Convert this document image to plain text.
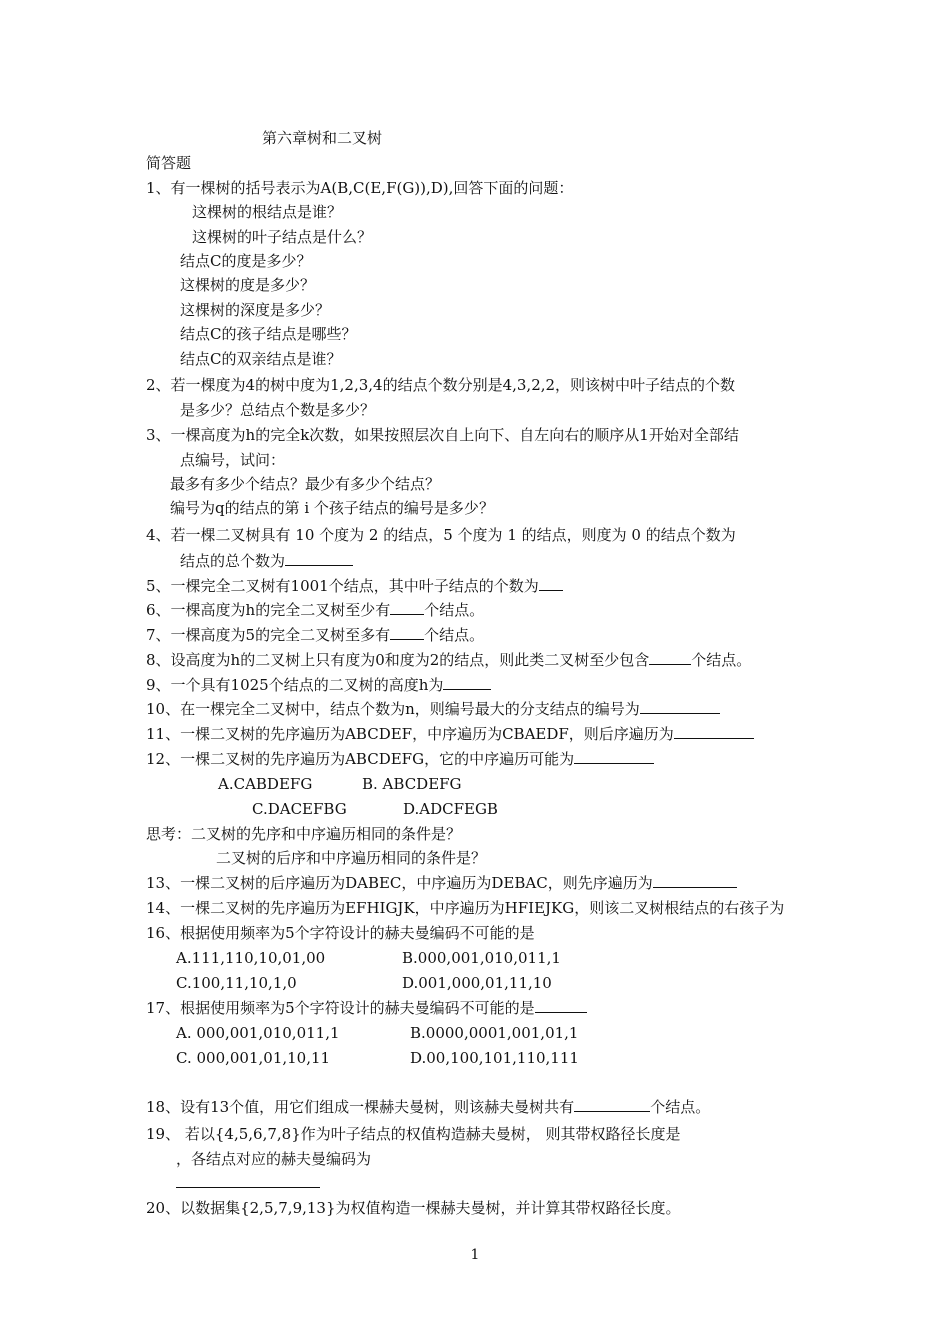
第六章树和二叉树
简答题
1、有一棵树的括号表示为A(B,C(E,F(G)),D),回答下面的问题：
这棵树的根结点是谁？
这棵树的叶子结点是什么？
结点C的度是多少？
这棵树的度是多少？
这棵树的深度是多少？
结点C的孩子结点是哪些？
结点C的双亲结点是谁？
2、若一棵度为4的树中度为1,2,3,4的结点个数分别是4,3,2,2，则该树中叶子结点的个数
是多少？总结点个数是多少？
3、一棵高度为h的完全k次数，如果按照层次自上向下、自左向右的顺序从1开始对全部结
点编号，试问：
最多有多少个结点？最少有多少个结点？
编号为q的结点的第 i 个孩子结点的编号是多少？
4、若一棵二叉树具有 10 个度为 2 的结点，5 个度为 1 的结点，则度为 0 的结点个数为
结点的总个数为
5、一棵完全二叉树有1001个结点，其中叶子结点的个数为
6、一棵高度为h的完全二叉树至少有 个结点。
7、一棵高度为5的完全二叉树至多有 个结点。
8、设高度为h的二叉树上只有度为0和度为2的结点，则此类二叉树至少包含	个结点。
9、一个具有1025个结点的二叉树的高度h为
10、在一棵完全二叉树中，结点个数为n，则编号最大的分支结点的编号为
11、一棵二叉树的先序遍历为ABCDEF，中序遍历为CBAEDF，则后序遍历为
12、一棵二叉树的先序遍历为ABCDEFG，它的中序遍历可能为
A.CABDEFG	B. ABCDEFG
C.DACEFBG	D.ADCFEGB
思考：二叉树的先序和中序遍历相同的条件是？
二叉树的后序和中序遍历相同的条件是？
13、一棵二叉树的后序遍历为DABEC，中序遍历为DEBAC，则先序遍历为
14、一棵二叉树的先序遍历为EFHIGJK，中序遍历为HFIEJKG，则该二叉树根结点的右孩子为
16、根据使用频率为5个字符设计的赫夫曼编码不可能的是
A.111,110,10,01,00	B.000,001,010,011,1
C.100,11,10,1,0	D.001,000,01,11,10
17、根据使用频率为5个字符设计的赫夫曼编码不可能的是
A. 000,001,010,011,1	B.0000,0001,001,01,1
C. 000,001,01,10,11	D.00,100,101,110,111
18、设有13个值，用它们组成一棵赫夫曼树，则该赫夫曼树共有	个结点。
19、 若以{4,5,6,7,8}作为叶子结点的权值构造赫夫曼树， 则其带权路径长度是
，各结点对应的赫夫曼编码为
20、以数据集{2,5,7,9,13}为权值构造一棵赫夫曼树，并计算其带权路径长度。
1
